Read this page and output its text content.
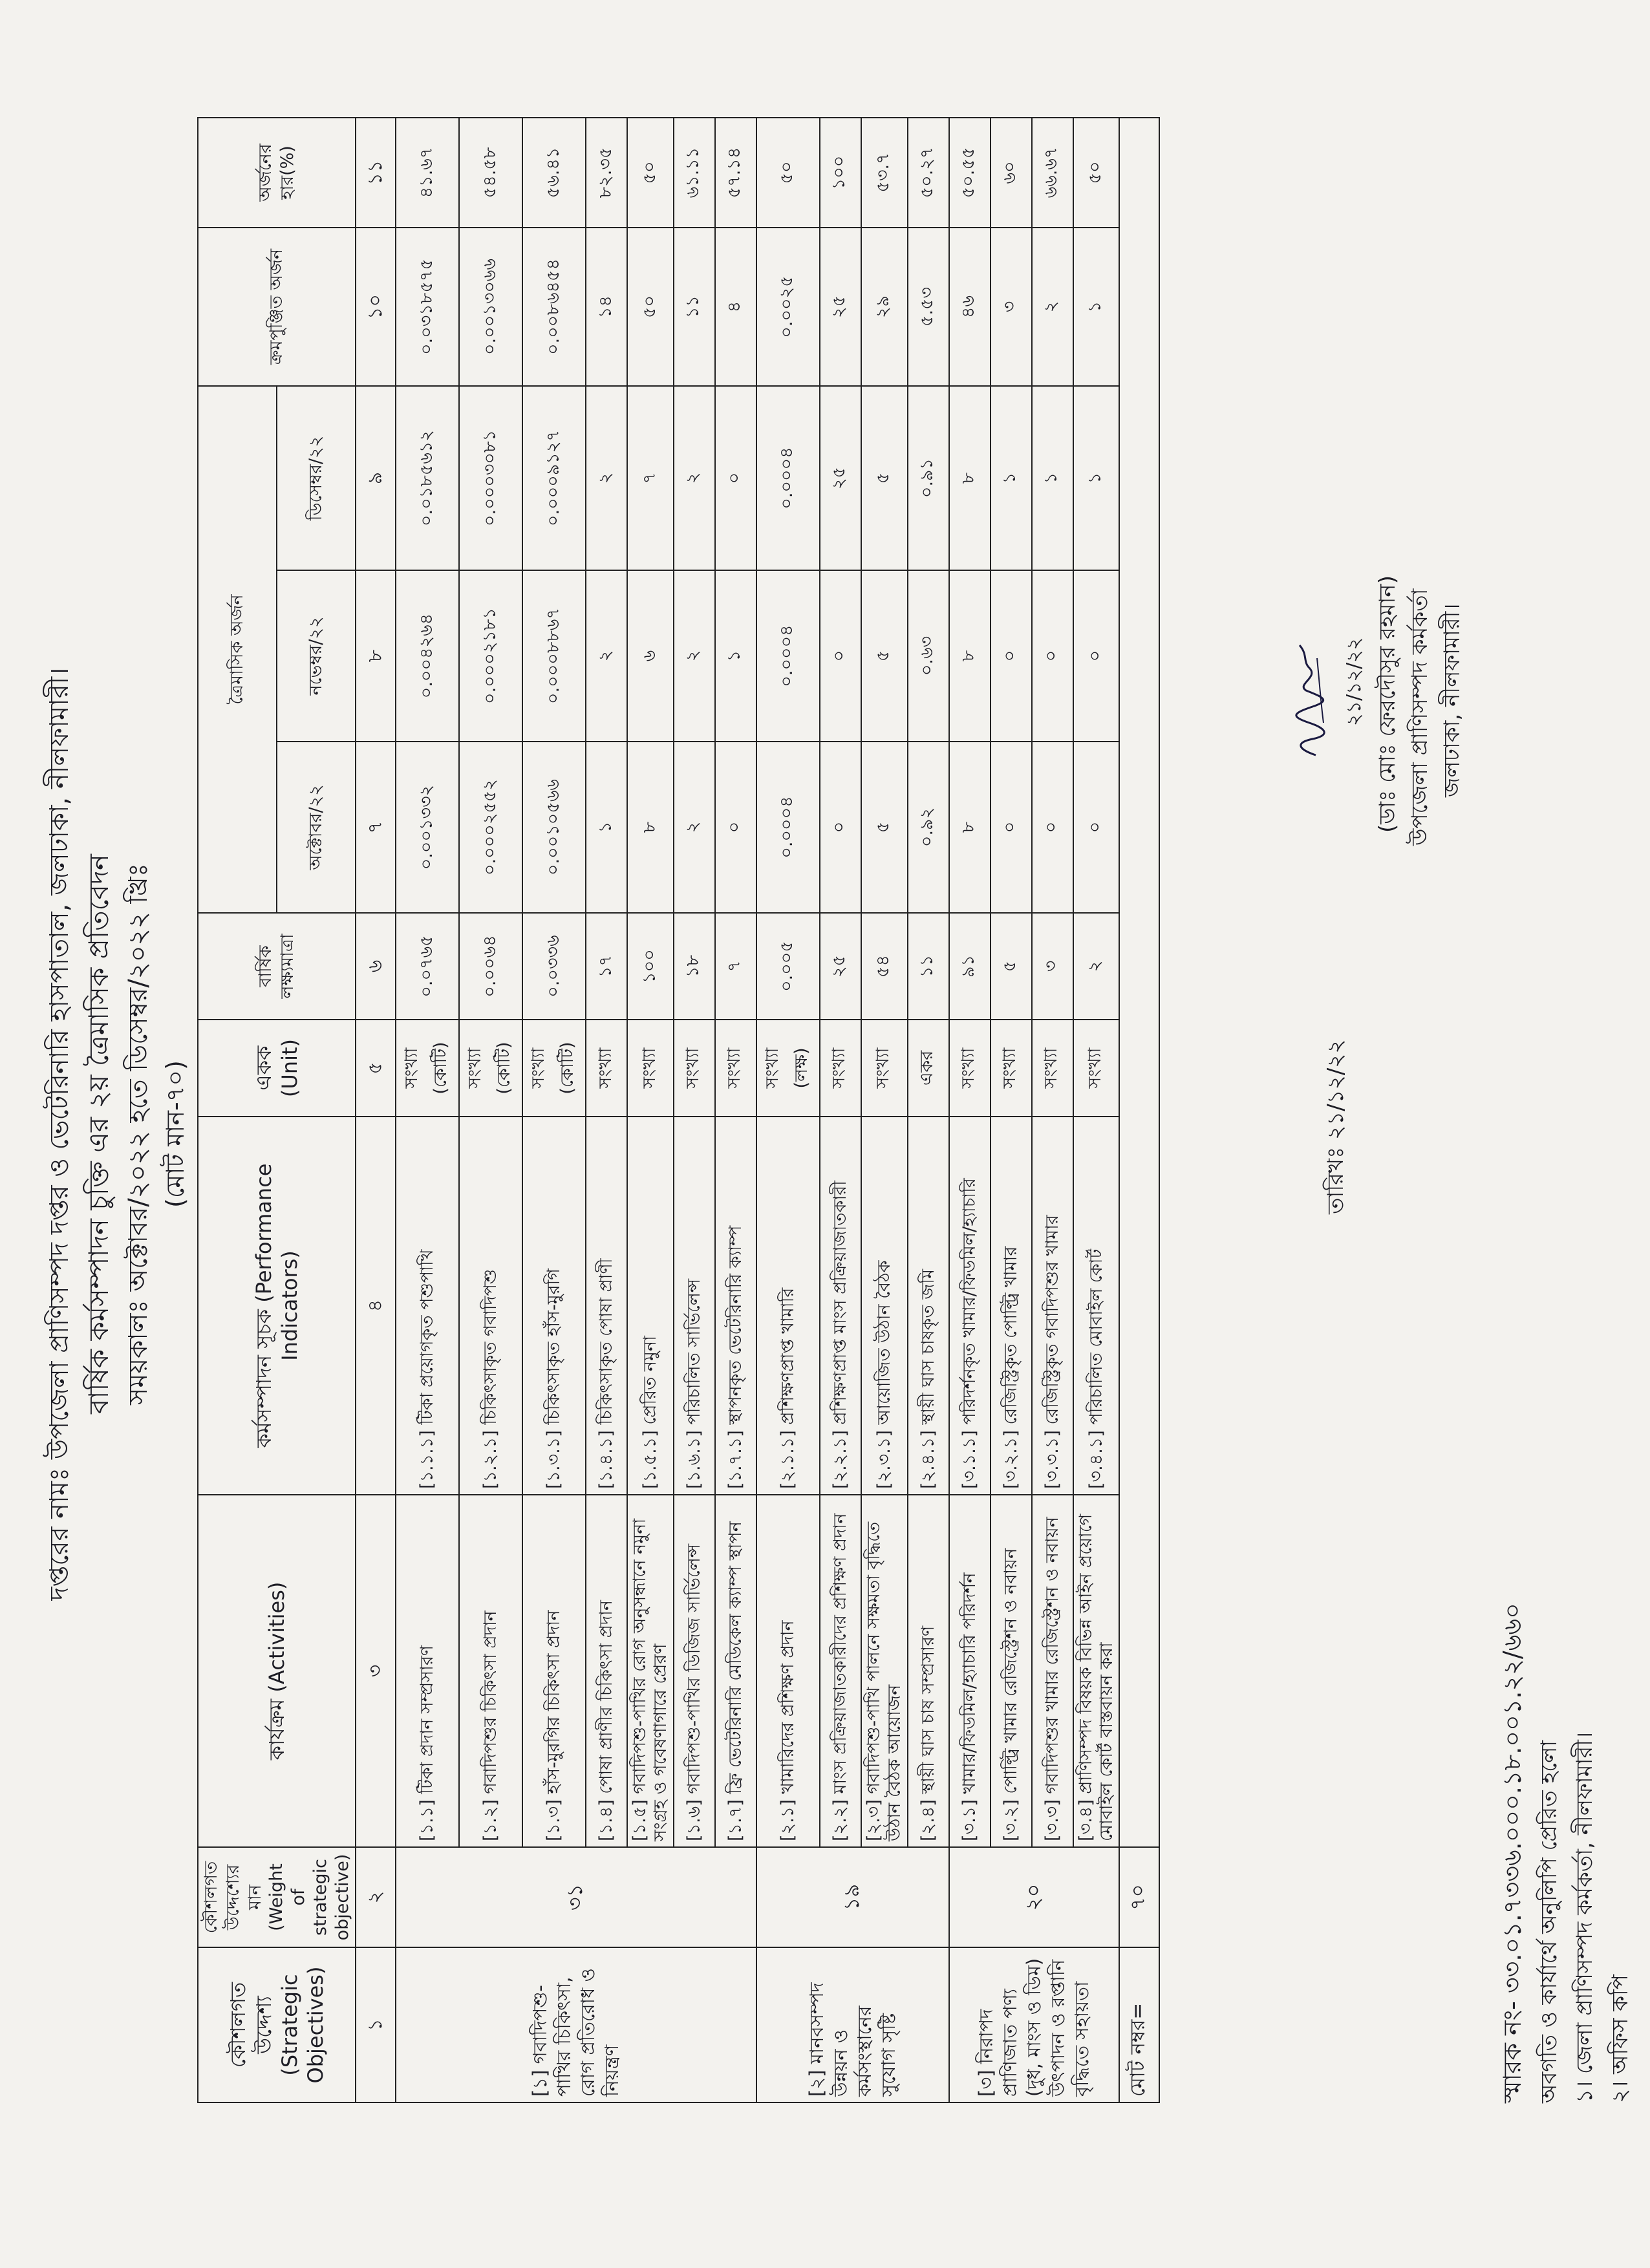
দপ্তরের নামঃ উপজেলা প্রাণিসম্পদ দপ্তর ও ভেটেরিনারি হাসপাতাল, জলঢাকা, নীলফামারী। বার্ষিক কর্মসম্পাদন চুক্তি এর ২য় ত্রৈমাসিক প্রতিবেদন সময়কালঃ অক্টোবর/২০২২ হতে ডিসেম্বর/২০২২ খ্রিঃ (মোট মান-৭০)
কৌশলগত উদ্দেশ্য (Strategic Objectives)	কৌশলগত উদ্দেশ্যের মান (Weight of strategic objective)	কার্যক্রম (Activities)	কর্মসম্পাদন সূচক (Performance Indicators)	একক (Unit)	বার্ষিক লক্ষ্যমাত্রা	ত্রৈমাসিক অর্জন			ক্রমপুঞ্জিত অর্জন	অর্জনের হার(%)
						অক্টোবর/২২	নভেম্বর/২২	ডিসেম্বর/২২		
১	২	৩	৪	৫	৬	৭	৮	৯	১০	১১
[১] গবাদিপশু-পাখির চিকিৎসা, রোগ প্রতিরোধ ও নিয়ন্ত্রণ	৩১	[১.১] টিকা প্রদান সম্প্রসারণ	[১.১.১] টিকা প্রয়োগকৃত পশুপাখি	সংখ্যা (কোটি)	০.০৭৬৫	০.০০১৩৩২	০.০০৪২৬৪	০.০১৮৫৬১২	০.০৩১৮৫৭৫	৪১.৬৭
		[১.২] গবাদিপশুর চিকিৎসা প্রদান	[১.২.১] চিকিৎসাকৃত গবাদিপশু	সংখ্যা (কোটি)	০.০০৬৪	০.০০০২৫৫২	০.০০০২১৮১	০.০০০৩০৮১	০.০০১৩০৬৬	৫৪.৫৮
		[১.৩] হাঁস-মুরগির চিকিৎসা প্রদান	[১.৩.১] চিকিৎসাকৃত হাঁস-মুরগি	সংখ্যা (কোটি)	০.০৩৩৬	০.০০১০৫৬৬	০.০০০৮৮৬৭	০.০০০৯১২৭	০.০০৮৬৪৫৪	৫৬.৪১
		[১.৪] পোষা প্রাণীর চিকিৎসা প্রদান	[১.৪.১] চিকিৎসাকৃত পোষা প্রাণী	সংখ্যা	১৭	১	২	২	১৪	৮২.৩৫
		[১.৫] গবাদিপশু-পাখির রোগ অনুসন্ধানে নমুনা সংগ্রহ ও গবেষণাগারে প্রেরণ	[১.৫.১] প্রেরিত নমুনা	সংখ্যা	১০০	৮	৬	৭	৫০	৫০
		[১.৬] গবাদিপশু-পাখির ডিজিজ সার্ভিলেন্স	[১.৬.১] পরিচালিত সার্ভিলেন্স	সংখ্যা	১৮	২	২	২	১১	৬১.১১
		[১.৭] ফ্রি ভেটেরিনারি মেডিকেল ক্যাম্প স্থাপন	[১.৭.১] স্থাপনকৃত ভেটেরিনারি ক্যাম্প	সংখ্যা	৭	০	১	০	৪	৫৭.১৪
[২] মানবসম্পদ উন্নয়ন ও কর্মসংস্থানের সুযোগ সৃষ্টি	১৯	[২.১] খামারিদের প্রশিক্ষণ প্রদান	[২.১.১] প্রশিক্ষণপ্রাপ্ত খামারি	সংখ্যা (লক্ষ)	০.০০৫	০.০০০৪	০.০০০৪	০.০০০৪	০.০০২৫	৫০
		[২.২] মাংস প্রক্রিয়াজাতকারীদের প্রশিক্ষণ প্রদান	[২.২.১] প্রশিক্ষণপ্রাপ্ত মাংস প্রক্রিয়াজাতকারী	সংখ্যা	২৫	০	০	২৫	২৫	১০০
		[২.৩] গবাদিপশু-পাখি পালনে সক্ষমতা বৃদ্ধিতে উঠান বৈঠক আয়োজন	[২.৩.১] আয়োজিত উঠান বৈঠক	সংখ্যা	৫৪	৫	৫	৫	২৯	৫৩.৭
		[২.৪] স্থায়ী ঘাস চাষ সম্প্রসারণ	[২.৪.১] স্থায়ী ঘাস চাষকৃত জমি	একর	১১	০.৯২	০.৬৩	০.৯১	৫.৫৩	৫০.২৭
[৩] নিরাপদ প্রাণিজাত পণ্য (দুধ, মাংস ও ডিম) উৎপাদন ও রপ্তানি বৃদ্ধিতে সহায়তা	২০	[৩.১] খামার/ফিডমিল/হ্যাচারি পরিদর্শন	[৩.১.১] পরিদর্শনকৃত খামার/ফিডমিল/হ্যাচারি	সংখ্যা	৯১	৮	৮	৮	৪৬	৫০.৫৫
		[৩.২] পোল্ট্রি খামার রেজিস্ট্রেশন ও নবায়ন	[৩.২.১] রেজিস্ট্রিকৃত পোল্ট্রি খামার	সংখ্যা	৫	০	০	১	৩	৬০
		[৩.৩] গবাদিপশুর খামার রেজিস্ট্রেশন ও নবায়ন	[৩.৩.১] রেজিস্ট্রিকৃত গবাদিপশুর খামার	সংখ্যা	৩	০	০	১	২	৬৬.৬৭
		[৩.৪] প্রাণিসম্পদ বিষয়ক বিভিন্ন আইন প্রয়োগে মোবাইল কোর্ট বাস্তবায়ন করা	[৩.৪.১] পরিচালিত মোবাইল কোর্ট	সংখ্যা	২	০	০	১	১	৫০
মোট নম্বর=	৭০									
তারিখঃ ২১/১২/২২
২১/১২/২২ (ডাঃ মোঃ ফেরদৌসুর রহমান) উপজেলা প্রাণিসম্পদ কর্মকর্তা জলঢাকা, নীলফামারী।
স্মারক নং- ৩৩.০১.৭৩৩৬.০০০.১৮.০০১.২২/৬৬০ অবগতি ও কার্যার্থে অনুলিপি প্রেরিত হলো ১। জেলা প্রাণিসম্পদ কর্মকর্তা, নীলফামারী। ২। অফিস কপি
